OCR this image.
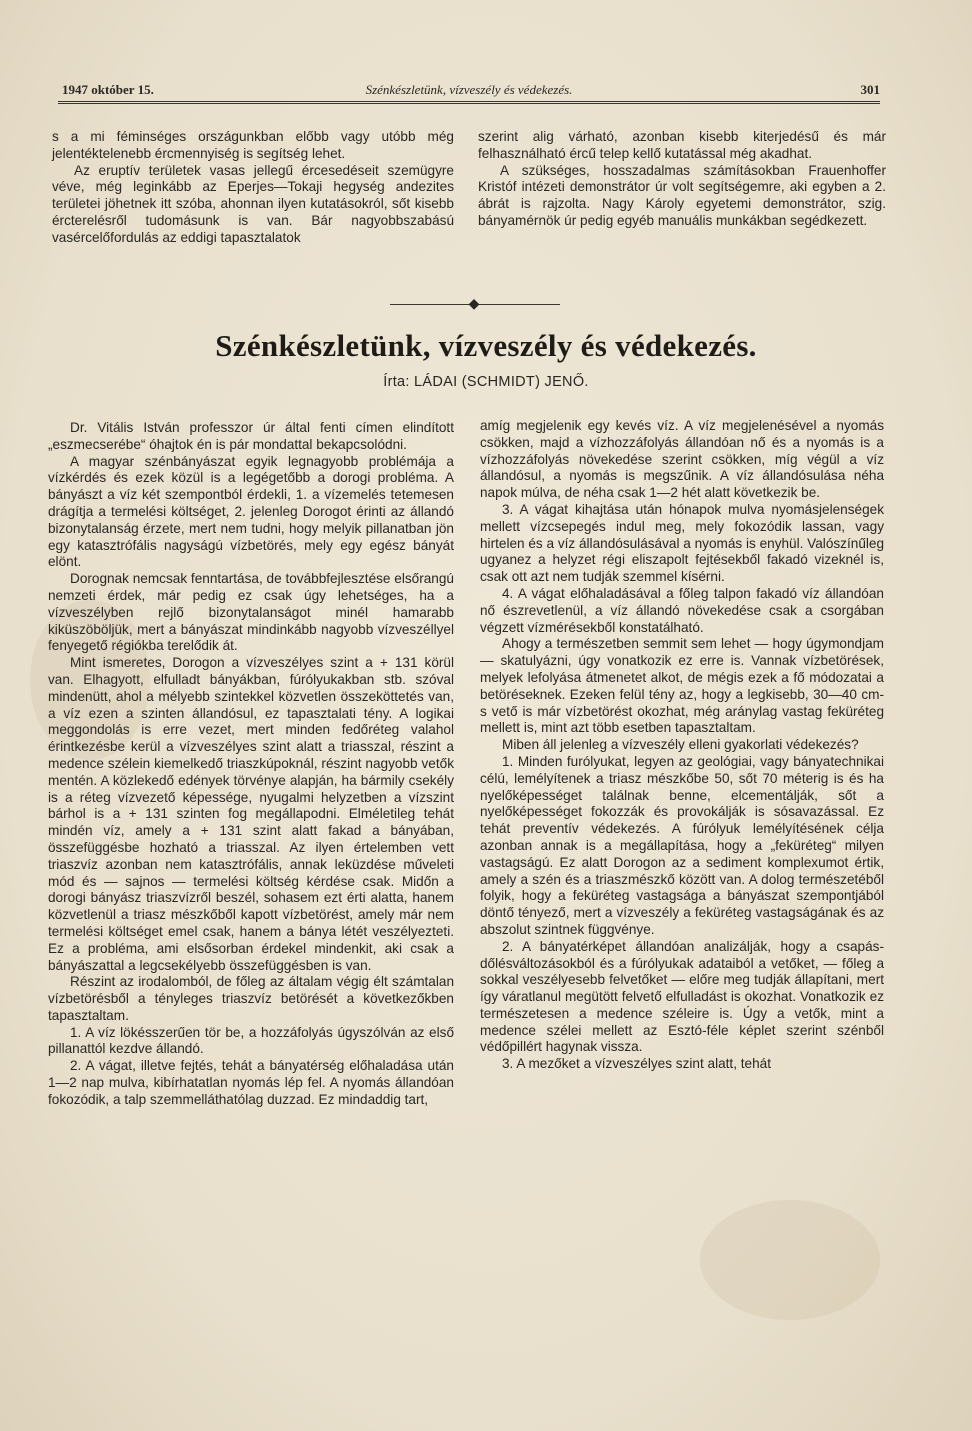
1947 október 15.	Szénkészletünk, vízveszély és védekezés.	301

s a mi féminséges országunkban előbb vagy utóbb még jelentéktelenebb ércmennyiség is segítség lehet.

Az eruptív területek vasas jellegű ércesedéseit szemügyre véve, még leginkább az Eperjes—Tokaji hegység andezites területei jöhetnek itt szóba, ahonnan ilyen kutatásokról, sőt kisebb ércterelésről tudomásunk is van. Bár nagyobbszabású vasércelőfordulás az eddigi tapasztalatok

szerint alig várható, azonban kisebb kiterjedésű és már felhasználható ércű telep kellő kutatással még akadhat.

A szükséges, hosszadalmas számításokban Frauenhoffer Kristóf intézeti demonstrátor úr volt segítségemre, aki egyben a 2. ábrát is rajzolta. Nagy Károly egyetemi demonstrátor, szig. bányamérnök úr pedig egyéb manuális munkákban segédkezett.

◆
Szénkészletünk, vízveszély és védekezés.
Írta: LÁDAI (SCHMIDT) JENŐ.

Dr. Vitális István professzor úr által fenti címen elindított „eszmecserébe“ óhajtok én is pár mondattal bekapcsolódni.

A magyar szénbányászat egyik legnagyobb problémája a vízkérdés és ezek közül is a legégetőbb a dorogi probléma. A bányászt a víz két szempontból érdekli, 1. a vízemelés tetemesen drágítja a termelési költséget, 2. jelenleg Dorogot érinti az állandó bizonytalanság érzete, mert nem tudni, hogy melyik pillanatban jön egy katasztrófális nagyságú vízbetörés, mely egy egész bányát elönt.

Dorognak nemcsak fenntartása, de továbbfejlesztése elsőrangú nemzeti érdek, már pedig ez csak úgy lehetséges, ha a vízveszélyben rejlő bizonytalanságot minél hamarabb kiküszöböljük, mert a bányászat mindinkább nagyobb vízveszéllyel fenyegető régiókba terelődik át.

Mint ismeretes, Dorogon a vízveszélyes szint a + 131 körül van. Elhagyott, elfulladt bányákban, fúrólyukakban stb. szóval mindenütt, ahol a mélyebb szintekkel közvetlen összeköttetés van, a víz ezen a szinten állandósul, ez tapasztalati tény. A logikai meggondolás is erre vezet, mert minden fedőréteg valahol érintkezésbe kerül a vízveszélyes szint alatt a triasszal, részint a medence szélein kiemelkedő triaszkúpoknál, részint nagyobb vetők mentén. A közlekedő edények törvénye alapján, ha bármily csekély is a réteg vízvezető képessége, nyugalmi helyzetben a vízszint bárhol is a + 131 szinten fog megállapodni. Elméletileg tehát mindén víz, amely a + 131 szint alatt fakad a bányában, összefüggésbe hozható a triasszal. Az ilyen értelemben vett triaszvíz azonban nem katasztrófális, annak leküzdése műveleti mód és — sajnos — termelési költség kérdése csak. Midőn a dorogi bányász triaszvízről beszél, sohasem ezt érti alatta, hanem közvetlenül a triasz mészkőből kapott vízbetörést, amely már nem termelési költséget emel csak, hanem a bánya létét veszélyezteti. Ez a probléma, ami elsősorban érdekel mindenkit, aki csak a bányászattal a legcsekélyebb összefüggésben is van.

Részint az irodalomból, de főleg az általam végig élt számtalan vízbetörésből a tényleges triaszvíz betörését a következőkben tapasztaltam.

1. A víz lökésszerűen tör be, a hozzáfolyás úgyszólván az első pillanattól kezdve állandó.

2. A vágat, illetve fejtés, tehát a bányatérség előhaladása után 1—2 nap mulva, kibírhatatlan nyomás lép fel. A nyomás állandóan fokozódik, a talp szemmelláthatólag duzzad. Ez mindaddig tart,

amíg megjelenik egy kevés víz. A víz megjelenésével a nyomás csökken, majd a vízhozzáfolyás állandóan nő és a nyomás is a vízhozzáfolyás növekedése szerint csökken, míg végül a víz állandósul, a nyomás is megszűnik. A víz állandósulása néha napok múlva, de néha csak 1—2 hét alatt következik be.

3. A vágat kihajtása után hónapok mulva nyomásjelenségek mellett vízcsepegés indul meg, mely fokozódik lassan, vagy hirtelen és a víz állandósulásával a nyomás is enyhül. Valószínűleg ugyanez a helyzet régi eliszapolt fejtésekből fakadó vizeknél is, csak ott azt nem tudják szemmel kísérni.

4. A vágat előhaladásával a főleg talpon fakadó víz állandóan nő észrevetlenül, a víz állandó növekedése csak a csorgában végzett vízmérésekből konstatálható.

Ahogy a természetben semmit sem lehet — hogy úgymondjam — skatulyázni, úgy vonatkozik ez erre is. Vannak vízbetörések, melyek lefolyása átmenetet alkot, de mégis ezek a fő módozatai a betöréseknek. Ezeken felül tény az, hogy a legkisebb, 30—40 cm-s vető is már vízbetörést okozhat, még aránylag vastag feküréteg mellett is, mint azt több esetben tapasztaltam.

Miben áll jelenleg a vízveszély elleni gyakorlati védekezés?

1. Minden furólyukat, legyen az geológiai, vagy bányatechnikai célú, lemélyítenek a triasz mészkőbe 50, sőt 70 méterig is és ha nyelőképességet találnak benne, elcementálják, sőt a nyelőképességet fokozzák és provokálják is sósavazással. Ez tehát preventív védekezés. A fúrólyuk lemélyítésének célja azonban annak is a megállapítása, hogy a „feküréteg“ milyen vastagságú. Ez alatt Dorogon az a sediment komplexumot értik, amely a szén és a triaszmészkő között van. A dolog természetéből folyik, hogy a feküréteg vastagsága a bányászat szempontjából döntő tényező, mert a vízveszély a feküréteg vastagságának és az abszolut szintnek függvénye.

2. A bányatérképet állandóan analizálják, hogy a csapás-dőlésváltozásokból és a fúrólyukak adataiból a vetőket, — főleg a sokkal veszélyesebb felvetőket — előre meg tudják állapítani, mert így váratlanul megütött felvető elfulladást is okozhat. Vonatkozik ez természetesen a medence széleire is. Úgy a vetők, mint a medence szélei mellett az Esztó-féle képlet szerint szénből védőpillért hagynak vissza.

3. A mezőket a vízveszélyes szint alatt, tehát
